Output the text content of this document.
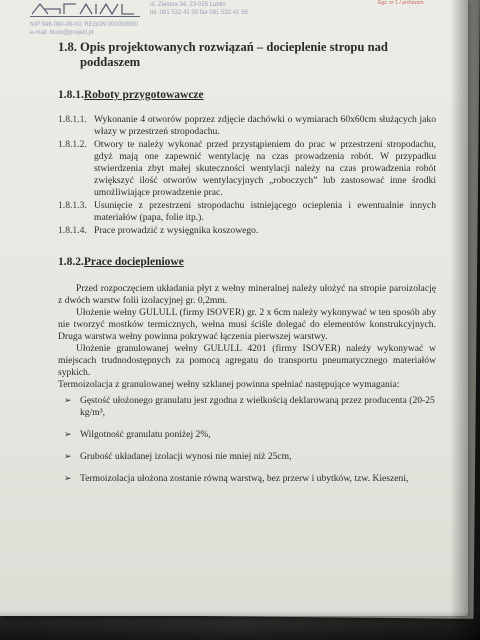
ul. Zielona 34, 23-025 Lublin
tel. 081 532 41 58 fax 081 532 41 58
NIP 946-000-00-00, REGON 000000000
e-mail: biuro@projekt.pl
Egz. nr 1 / archiwum
1.8. Opis projektowanych rozwiązań – docieplenie stropu nad poddaszem
1.8.1.Roboty przygotowawcze
1.8.1.1. Wykonanie 4 otworów poprzez zdjęcie dachówki o wymiarach 60x60cm służących jako włazy w przestrzeń stropodachu.
1.8.1.2. Otwory te należy wykonać przed przystąpieniem do prac w przestrzeni stropodachu, gdyż mają one zapewnić wentylację na czas prowadzenia robót. W przypadku stwierdzenia zbyt małej skuteczności wentylacji należy na czas prowadzenia robót zwiększyć ilość otworów wentylacyjnych „roboczych” lub zastosować inne środki umożliwiające prowadzenie prac.
1.8.1.3. Usunięcie z przestrzeni stropodachu istniejącego ocieplenia i ewentualnie innych materiałów (papa, folie itp.).
1.8.1.4. Prace prowadzić z wysięgnika koszowego.
1.8.2.Prace dociepleniowe

Przed rozpoczęciem układania płyt z wełny mineralnej należy ułożyć na stropie paroizolację z dwóch warstw folii izolacyjnej gr. 0,2mm.

Ułożenie wełny GULULL (firmy ISOVER) gr. 2 x 6cm należy wykonywać w ten sposób aby nie tworzyć mostków termicznych, wełna musi ściśle dolegać do elementów konstrukcyjnych. Druga warstwa wełny powinna pokrywać łączenia pierwszej warstwy.

Ułożenie granulowanej wełny GULULL 4201 (firmy ISOVER) należy wykonywać w miejscach trudnodostępnych za pomocą agregatu do transportu pneumatycznego materiałów sypkich.

Termoizolacja z granulowanej wełny szklanej powinna spełniać następujące wymagania:

➢ Gęstość ułożonego granulatu jest zgodna z wielkością deklarowaną przez producenta (20-25 kg/m³,
➢ Wilgotność granulatu poniżej 2%,
➢ Grubość układanej izolacji wynosi nie mniej niż 25cm,
➢ Termoizolacja ułożona zostanie równą warstwą, bez przerw i ubytków, tzw. Kieszeni,
